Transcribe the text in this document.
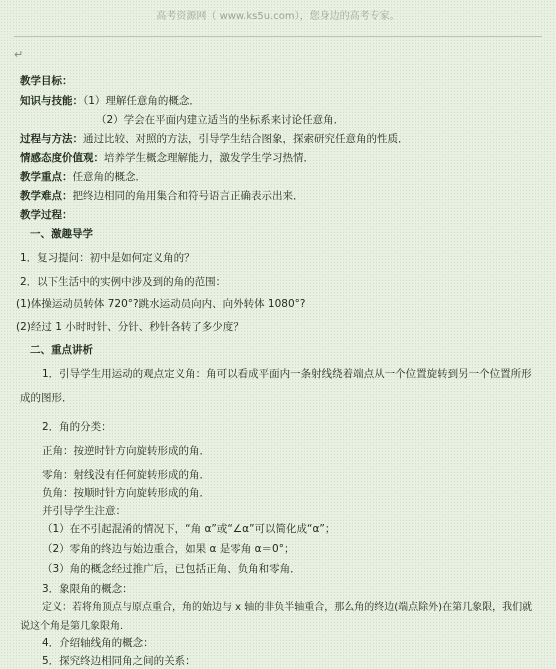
高考资源网（ www.ks5u.com），您身边的高考专家。
↵
教学目标：
知识与技能：（1）理解任意角的概念．
（2）学会在平面内建立适当的坐标系来讨论任意角．
过程与方法：通过比较、对照的方法，引导学生结合图象，探索研究任意角的性质．
情感态度价值观：培养学生概念理解能力，激发学生学习热情．
教学重点：任意角的概念．
教学难点：把终边相同的角用集合和符号语言正确表示出来．
教学过程：
一、激趣导学
1．复习提问：初中是如何定义角的？
2．以下生活中的实例中涉及到的角的范围：
(1)体操运动员转体 720°?跳水运动员向内、向外转体 1080°?
(2)经过 1 小时时针、分针、秒针各转了多少度？
二、重点讲析
1．引导学生用运动的观点定义角：角可以看成平面内一条射线绕着端点从一个位置旋转到另一个位置所形成的图形．
2．角的分类：
正角：按逆时针方向旋转形成的角．
零角：射线没有任何旋转形成的角．
负角：按顺时针方向旋转形成的角．
并引导学生注意：
（1）在不引起混淆的情况下，“角 α”或“∠α”可以简化成“α”；
（2）零角的终边与始边重合，如果 α 是零角 α＝0°；
（3）角的概念经过推广后，已包括正角、负角和零角．
3．象限角的概念：
定义：若将角顶点与原点重合，角的始边与 x 轴的非负半轴重合，那么角的终边(端点除外)在第几象限，我们就说这个角是第几象限角．
4．介绍轴线角的概念：
5．探究终边相同角之间的关系：
